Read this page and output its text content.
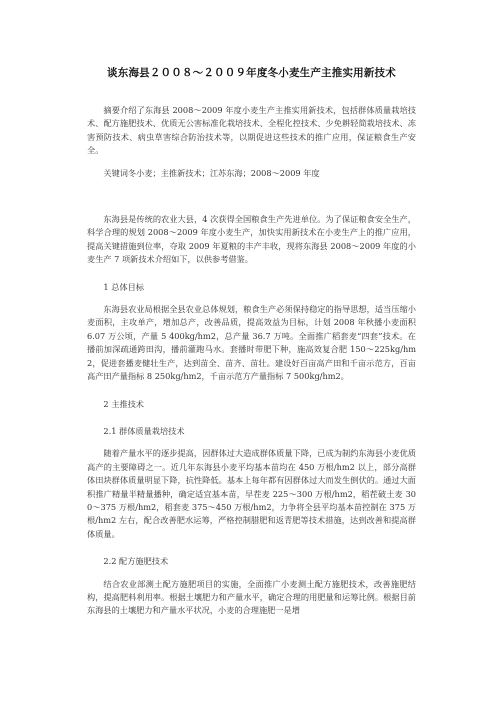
谈东海县２００８～２００９年度冬小麦生产主推实用新技术

摘要介绍了东海县 2008～2009 年度小麦生产主推实用新技术，包括群体质量栽培技术、配方施肥技术、优质无公害标准化栽培技术、全程化控技术、少免耕轻简栽培技术、冻害预防技术、病虫草害综合防治技术等，以期促进这些技术的推广应用，保证粮食生产安全。

关键词冬小麦；主推新技术；江苏东海；2008～2009 年度

东海县是传统的农业大县，4 次获得全国粮食生产先进单位。为了保证粮食安全生产，科学合理的规划 2008～2009 年度小麦生产，加快实用新技术在小麦生产上的推广应用，提高关键措施到位率，夺取 2009 年夏粮的丰产丰收，现将东海县 2008～2009 年度的小麦生产 7 项新技术介绍如下，以供参考借鉴。

1 总体目标

东海县农业局根据全县农业总体规划，粮食生产必须保持稳定的指导思想，适当压缩小麦面积，主攻单产，增加总产，改善品质，提高效益为目标，计划 2008 年秋播小麦面积 6.07 万公顷，产量 5 400kg/hm2，总产量 36.7 万吨。全面推广稻套麦“四套”技术。在播前加深疏通跨田沟，播前灌跑马水。套播时带肥下种，施高效复合肥 150～225kg/hm2，促进套播麦健壮生产，达到苗全、苗齐、苗壮。建设好百亩高产田和千亩示范方，百亩高产田产量指标 8 250kg/hm2，千亩示范方产量指标 7 500kg/hm2。

2 主推技术

2.1 群体质量栽培技术

随着产量水平的逐步提高，因群体过大造成群体质量下降，已成为制约东海县小麦优质高产的主要障碍之一。近几年东海县小麦平均基本苗均在 450 万根/hm2 以上，部分高群体田块群体质量明显下降，抗性降低。基本上每年都有因群体过大而发生倒伏的。通过大面积推广精量半精量播种，确定适宜基本苗，早茬麦 225～300 万根/hm2，稻茬破土麦 300～375 万根/hm2，稻套麦 375～450 万根/hm2，力争将全县平均基本苗控制在 375 万根/hm2 左右，配合改善肥水运筹，严格控制腊肥和返青肥等技术措施，达到改善和提高群体质量。

2.2 配方施肥技术

结合农业部测土配方施肥项目的实施，全面推广小麦测土配方施肥技术，改善施肥结构，提高肥料利用率。根据土壤肥力和产量水平，确定合理的用肥量和运筹比例。根据目前东海县的土壤肥力和产量水平状况，小麦的合理施肥一是增
